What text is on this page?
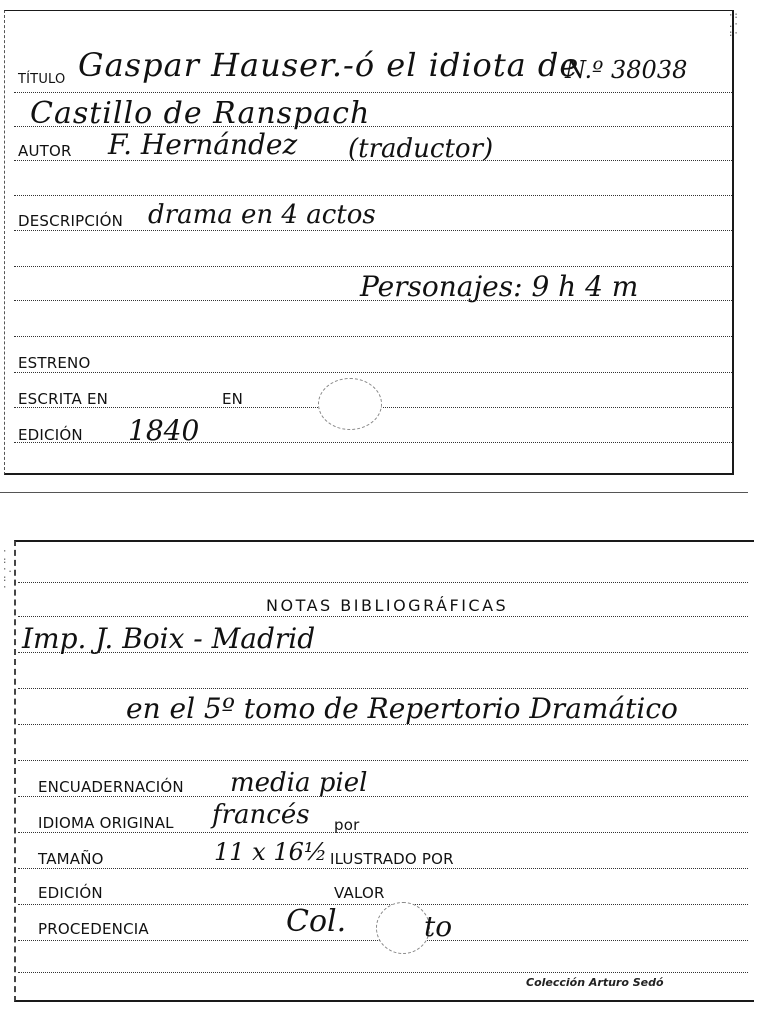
TÍTULO Gaspar Hauser.-ó el idiota de
N.º 38038
Castillo de Ranspach
AUTOR F. Hernández (traductor)
DESCRIPCIÓN drama en 4 actos
Personajes: 9 h 4 m
ESTRENO
ESCRITA EN	EN
EDICIÓN 1840
·:
.·
:·
NOTAS BIBLIOGRÁFICAS
Imp. J. Boix - Madrid
en el 5º tomo de Repertorio Dramático
ENCUADERNACIÓN media piel
IDIOMA ORIGINAL francés por
TAMAÑO	11 x 16½ ILUSTRADO POR
EDICIÓN	VALOR
PROCEDENCIA	Col.	to
Colección Arturo Sedó
·
:
·.
:
·
